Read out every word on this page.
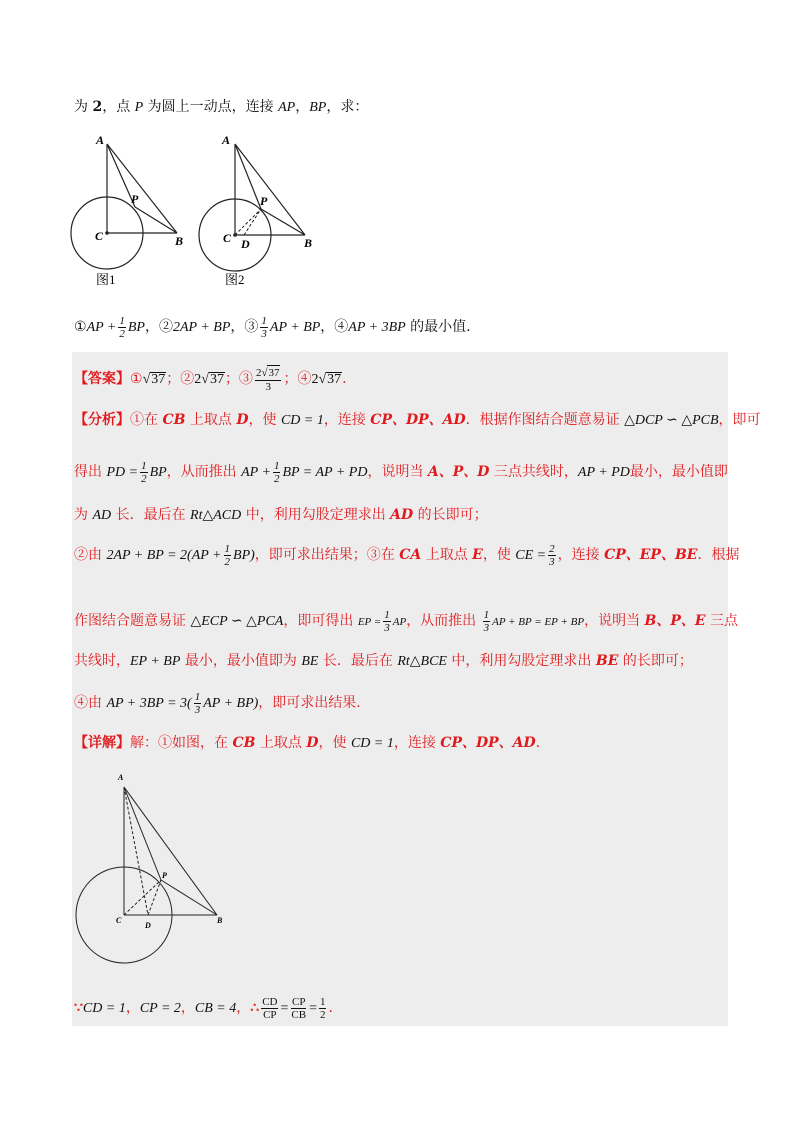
为 2，点 P 为圆上一动点，连接 AP，BP，求：
A
C	B
P
图1
A
C D	B
P
图2
①AP + $\frac{1}{2}$ BP，②2AP + BP，③ $\frac{1}{3}$ AP + BP，④AP + 3BP 的最小值.
【答案】①√37；②2√37；③ $\frac{2√37}{3}$ ；④2√37.
【分析】①在 CB 上取点 D，使 CD = 1，连接 CP、DP、AD．根据作图结合题意易证 △DCP ∽ △PCB，即可
得出 PD = $\frac{1}{2}$ BP，从而推出 AP + $\frac{1}{2}$ BP = AP + PD，说明当 A、P、D 三点共线时，AP + PD最小，最小值即
为 AD 长．最后在 Rt△ACD 中，利用勾股定理求出 AD 的长即可；
②由 2AP + BP = $2(AP + \frac{1}{2} BP)$，即可求出结果；③在 CA 上取点 E，使 CE = $\frac{2}{3}$ ，连接 CP、EP、BE．根据
作图结合题意易证 △ECP ∽ △PCA，即可得出 EP = $\frac{1}{3}$ AP，从而推出 $\frac{1}{3}$ AP + BP = EP + BP，说明当 B、P、E 三点
共线时，EP + BP 最小，最小值即为 BE 长．最后在 Rt△BCE 中，利用勾股定理求出 BE 的长即可；
④由 AP + $3BP = 3( \frac{1}{3}$ AP + BP)，即可求出结果.
【详解】解：①如图，在 CB 上取点 D，使 CD = 1，连接 CP、DP、AD.
A
C
D
B
P
∵CD = 1，CP = 2，CB = 4，∴ $\frac{CD}{CP} = \frac{CP}{CB} = \frac{1}{2}$ .
